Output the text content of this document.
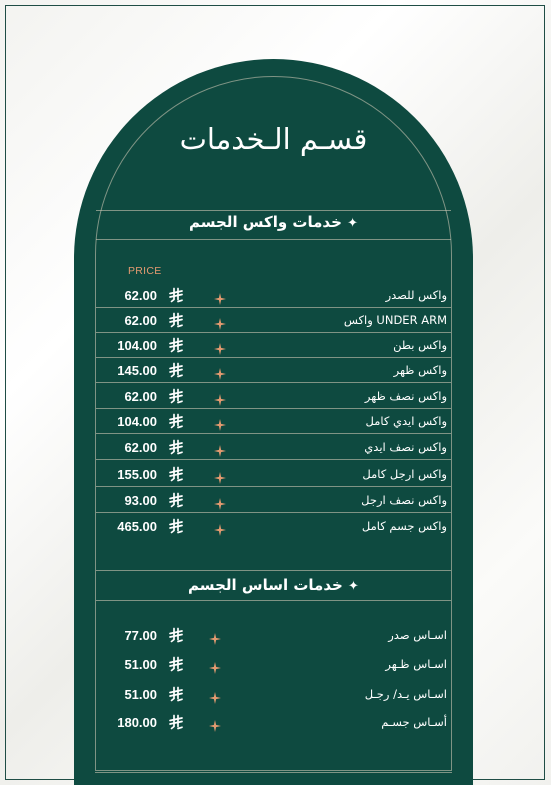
قسـم الـخدمات
✦ خدمات واكس الجسم
PRICE
62.00	واكس للصدر
62.00	UNDER ARM واكس
104.00	واكس بطن
145.00	واكس ظهر
62.00	واكس نصف ظهر
104.00	واكس ايدي كامل
62.00	واكس نصف ايدي
155.00	واكس ارجل كامل
93.00	واكس نصف ارجل
465.00	واكس جسم كامل
✦ خدمات اساس الجسم
77.00	اسـاس صدر
51.00	اسـاس ظـهر
51.00	اسـاس يـد/ رجـل
180.00	أسـاس جسـم
